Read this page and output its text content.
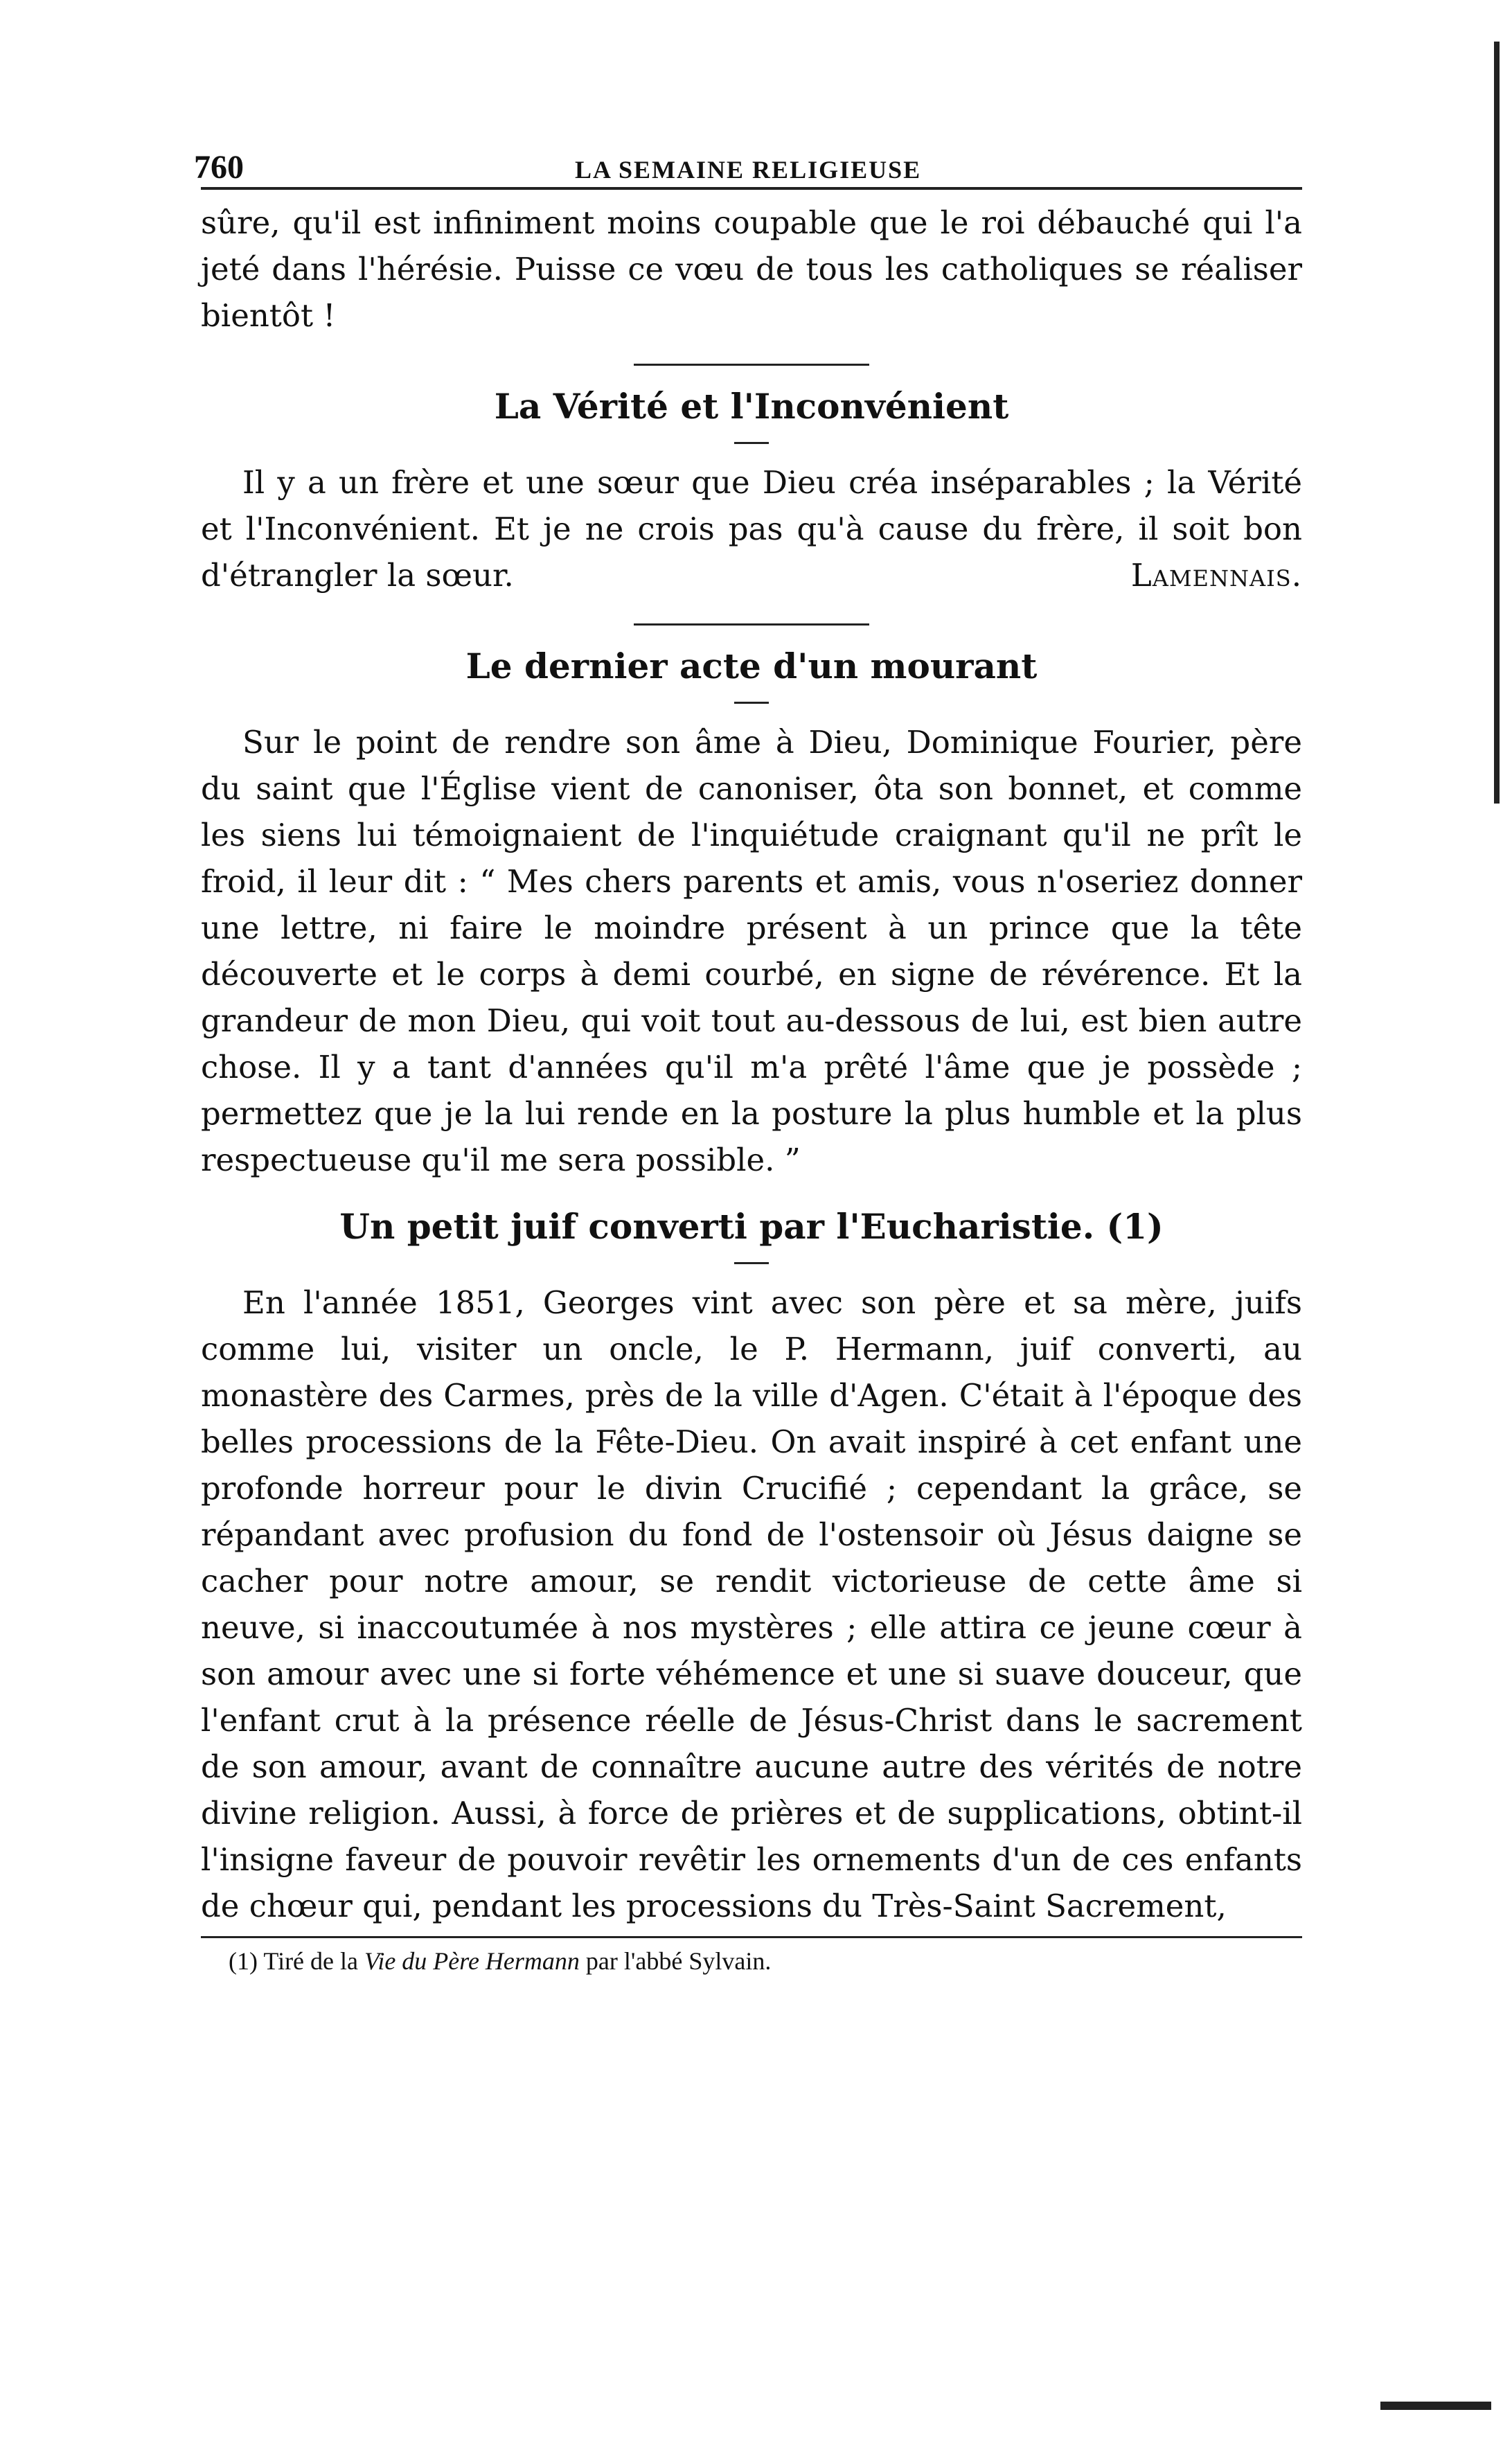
760	LA SEMAINE RELIGIEUSE

sûre, qu'il est infiniment moins coupable que le roi débauché qui l'a jeté dans l'hérésie. Puisse ce vœu de tous les catholiques se réaliser bientôt !

La Vérité et l'Inconvénient

Il y a un frère et une sœur que Dieu créa inséparables ; la Vérité et l'Inconvénient. Et je ne crois pas qu'à cause du frère, il soit bon d'étrangler la sœur.	Lamennais.

Le dernier acte d'un mourant

Sur le point de rendre son âme à Dieu, Dominique Fourier, père du saint que l'Église vient de canoniser, ôta son bonnet, et comme les siens lui témoignaient de l'inquiétude craignant qu'il ne prît le froid, il leur dit : “ Mes chers parents et amis, vous n'oseriez donner une lettre, ni faire le moindre présent à un prince que la tête découverte et le corps à demi courbé, en signe de révérence. Et la grandeur de mon Dieu, qui voit tout au-dessous de lui, est bien autre chose. Il y a tant d'années qu'il m'a prêté l'âme que je possède ; permettez que je la lui rende en la posture la plus humble et la plus respectueuse qu'il me sera possible. ”

Un petit juif converti par l'Eucharistie. (1)

En l'année 1851, Georges vint avec son père et sa mère, juifs comme lui, visiter un oncle, le P. Hermann, juif converti, au monastère des Carmes, près de la ville d'Agen. C'était à l'époque des belles processions de la Fête-Dieu. On avait inspiré à cet enfant une profonde horreur pour le divin Crucifié ; cependant la grâce, se répandant avec profusion du fond de l'ostensoir où Jésus daigne se cacher pour notre amour, se rendit victorieuse de cette âme si neuve, si inaccoutumée à nos mystères ; elle attira ce jeune cœur à son amour avec une si forte véhémence et une si suave douceur, que l'enfant crut à la présence réelle de Jésus-Christ dans le sacrement de son amour, avant de connaître aucune autre des vérités de notre divine religion. Aussi, à force de prières et de supplications, obtint-il l'insigne faveur de pouvoir revêtir les ornements d'un de ces enfants de chœur qui, pendant les processions du Très-Saint Sacrement,

(1) Tiré de la Vie du Père Hermann par l'abbé Sylvain.
